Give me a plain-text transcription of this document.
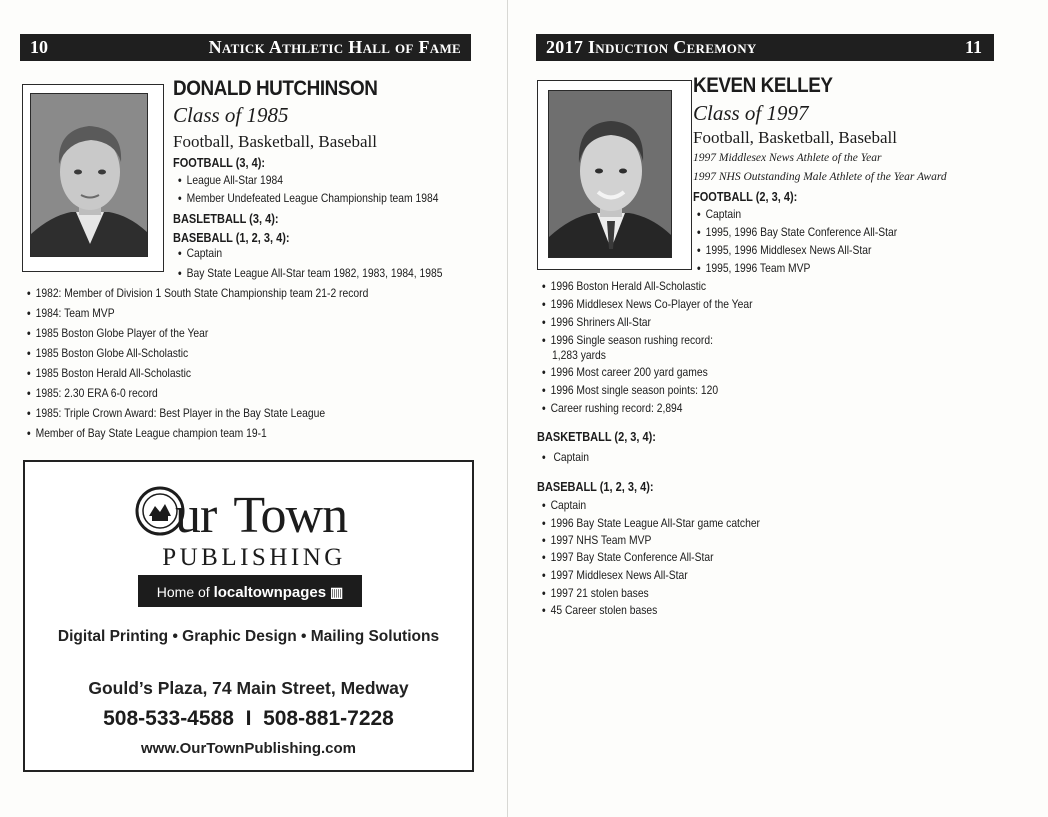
10	Natick Athletic Hall of Fame
DONALD HUTCHINSON
Class of 1985
Football, Basketball, Baseball
FOOTBALL (3, 4):
• League All-Star 1984
• Member Undefeated League Championship team 1984
BASLETBALL (3, 4):
BASEBALL (1, 2, 3, 4):
• Captain
• Bay State League All-Star team 1982, 1983, 1984, 1985
• 1982: Member of Division 1 South State Championship team 21-2 record
• 1984: Team MVP
• 1985 Boston Globe Player of the Year
• 1985 Boston Globe All-Scholastic
• 1985 Boston Herald All-Scholastic
• 1985: 2.30 ERA 6-0 record
• 1985: Triple Crown Award: Best Player in the Bay State League
• Member of Bay State League champion team 19-1
ur Town
PUBLISHING
Home of localtownpages ▥
Digital Printing • Graphic Design • Mailing Solutions
Gould’s Plaza, 74 Main Street, Medway
508-533-4588  I  508-881-7228
www.OurTownPublishing.com
2017 Induction Ceremony	11
KEVEN KELLEY
Class of 1997
Football, Basketball, Baseball
1997 Middlesex News Athlete of the Year
1997 NHS Outstanding Male Athlete of the Year Award
FOOTBALL (2, 3, 4):
• Captain
• 1995, 1996 Bay State Conference All-Star
• 1995, 1996 Middlesex News All-Star
• 1995, 1996 Team MVP
• 1996 Boston Herald All-Scholastic
• 1996 Middlesex News Co-Player of the Year
• 1996 Shriners All-Star
• 1996 Single season rushing record:
1,283 yards
• 1996 Most career 200 yard games
• 1996 Most single season points: 120
• Career rushing record: 2,894
BASKETBALL (2, 3, 4):
• Captain
BASEBALL (1, 2, 3, 4):
• Captain
• 1996 Bay State League All-Star game catcher
• 1997 NHS Team MVP
• 1997 Bay State Conference All-Star
• 1997 Middlesex News All-Star
• 1997 21 stolen bases
• 45 Career stolen bases
